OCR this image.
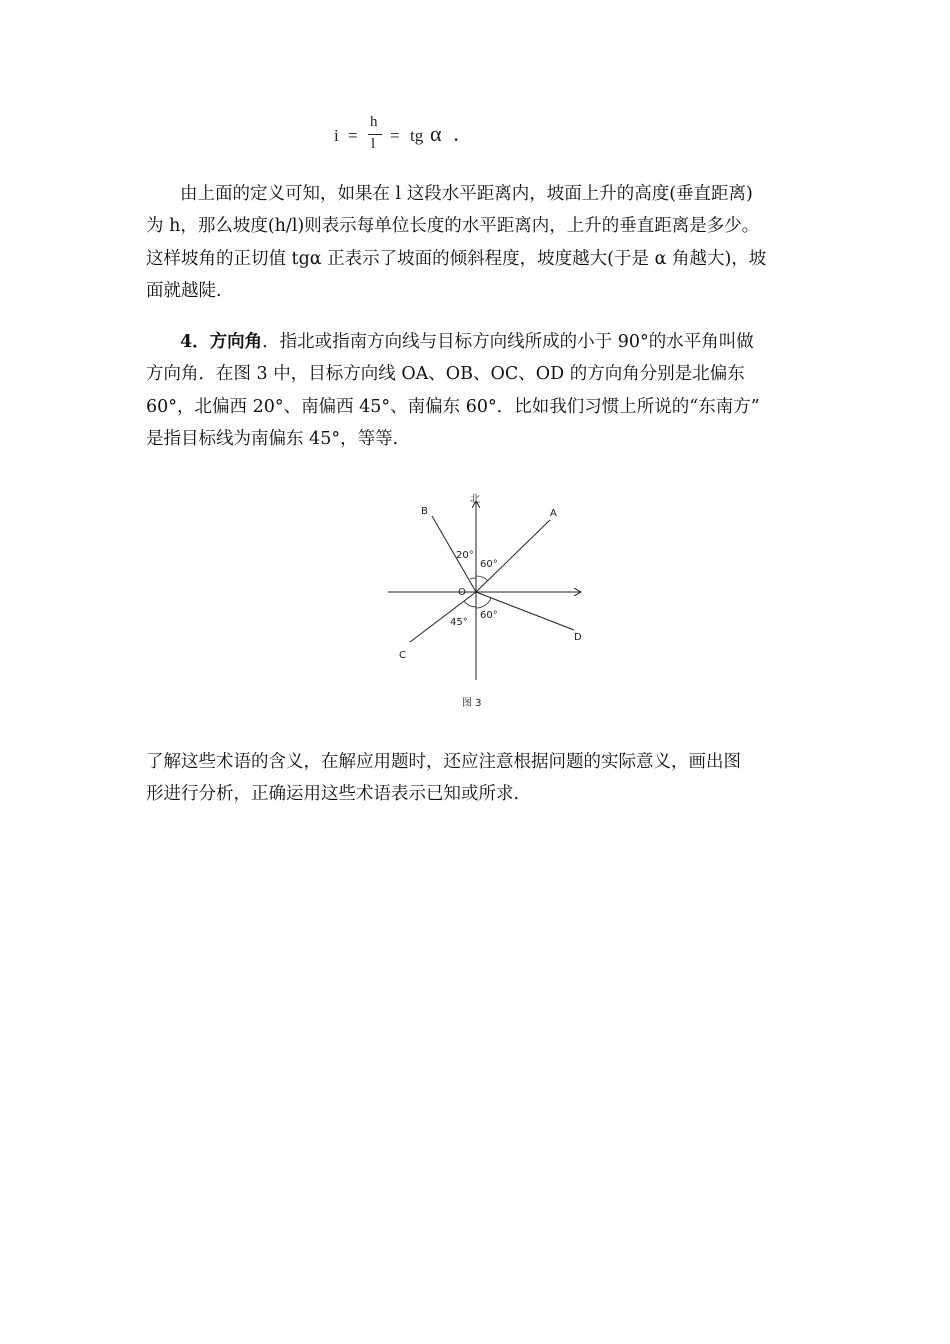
i =
h
l = tg α .
由上面的定义可知，如果在 l 这段水平距离内，坡面上升的高度(垂直距离)
为 h，那么坡度(h/l)则表示每单位长度的水平距离内，上升的垂直距离是多少。
这样坡角的正切值 tgα 正表示了坡面的倾斜程度，坡度越大(于是 α 角越大)，坡
面就越陡.
4．方向角．指北或指南方向线与目标方向线所成的小于 90°的水平角叫做
方向角．在图 3 中，目标方向线 OA、OB、OC、OD 的方向角分别是北偏东
60°，北偏西 20°、南偏西 45°、南偏东 60°．比如我们习惯上所说的“东南方”
是指目标线为南偏东 45°，等等.
北
A
B
C
D
O
20°
60°
45°
60°
图 3
了解这些术语的含义，在解应用题时，还应注意根据问题的实际意义，画出图
形进行分析，正确运用这些术语表示已知或所求.
